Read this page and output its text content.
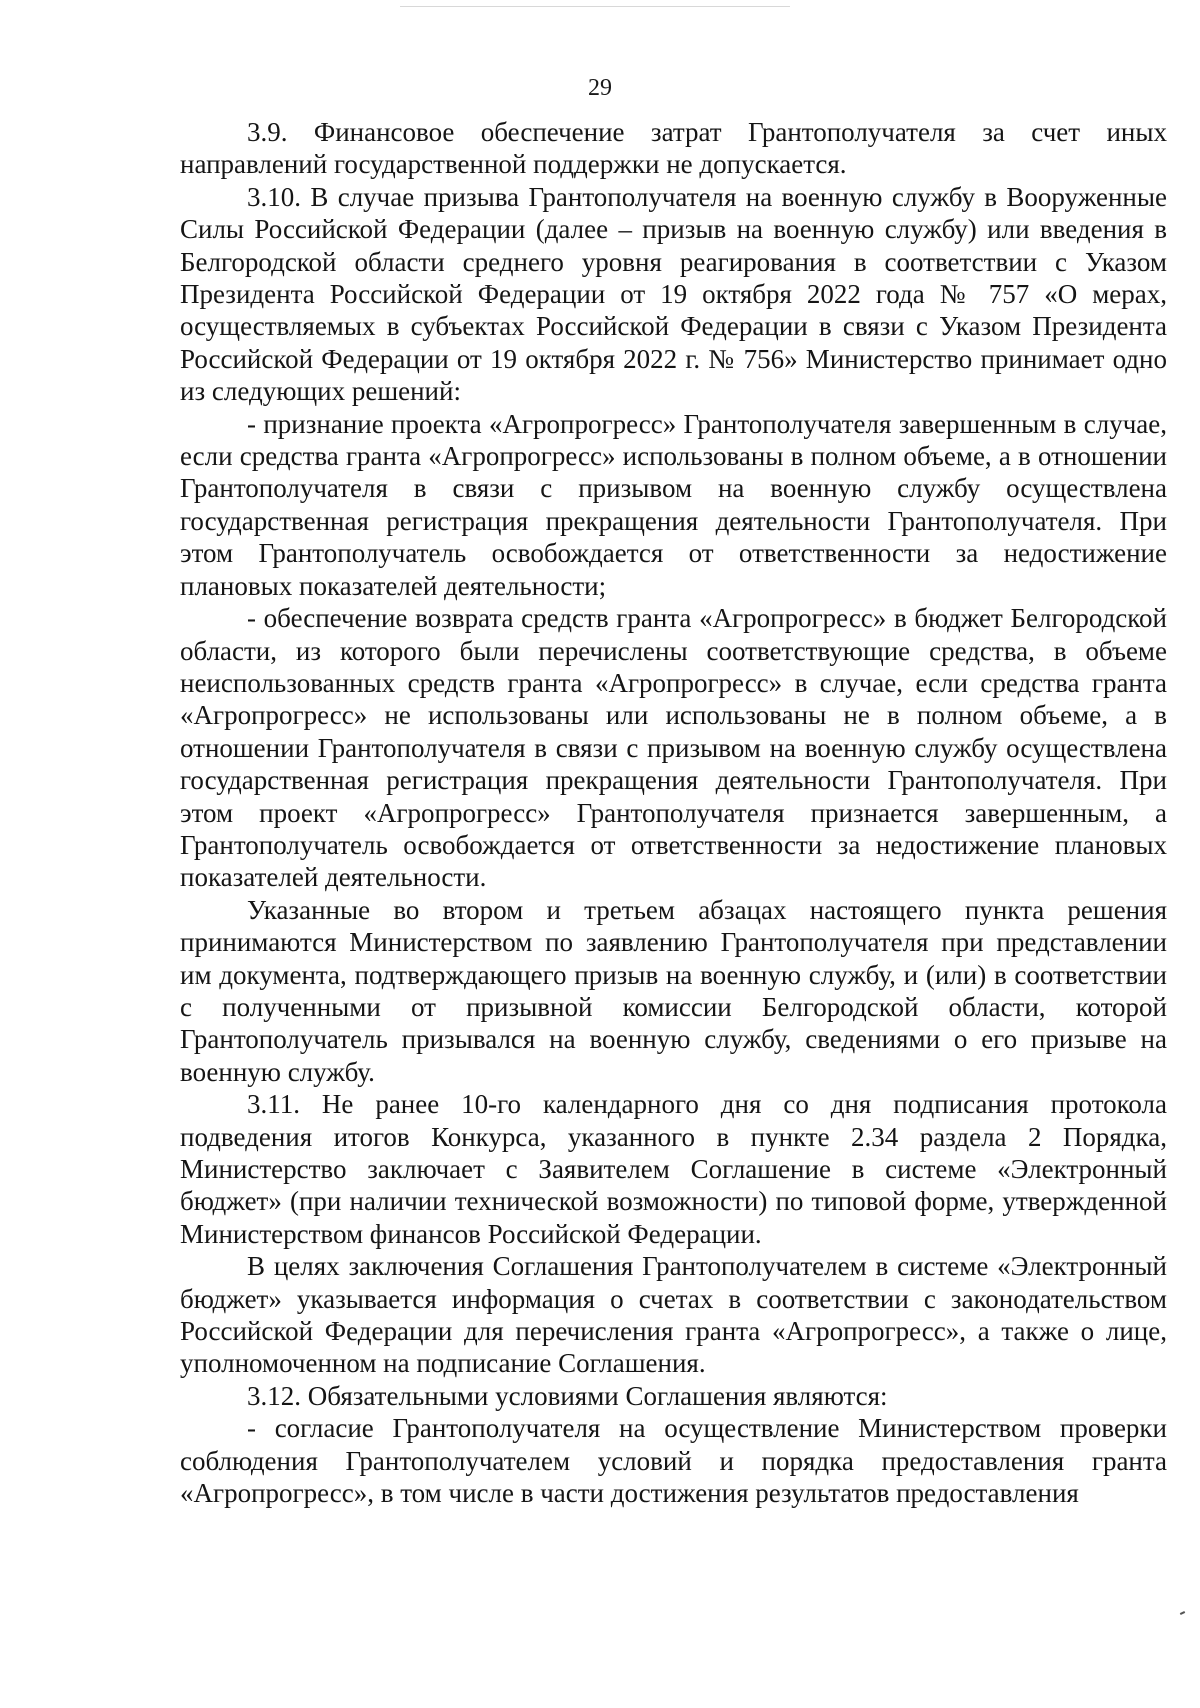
29

3.9. Финансовое обеспечение затрат Грантополучателя за счет иных направлений государственной поддержки не допускается.

3.10. В случае призыва Грантополучателя на военную службу в Вооруженные Силы Российской Федерации (далее – призыв на военную службу) или введения в Белгородской области среднего уровня реагирования в соответствии с Указом Президента Российской Федерации от 19 октября 2022 года № 757 «О мерах, осуществляемых в субъектах Российской Федерации в связи с Указом Президента Российской Федерации от 19 октября 2022 г. № 756» Министерство принимает одно из следующих решений:

- признание проекта «Агропрогресс» Грантополучателя завершенным в случае, если средства гранта «Агропрогресс» использованы в полном объеме, а в отношении Грантополучателя в связи с призывом на военную службу осуществлена государственная регистрация прекращения деятельности Грантополучателя. При этом Грантополучатель освобождается от ответственности за недостижение плановых показателей деятельности;

- обеспечение возврата средств гранта «Агропрогресс» в бюджет Белгородской области, из которого были перечислены соответствующие средства, в объеме неиспользованных средств гранта «Агропрогресс» в случае, если средства гранта «Агропрогресс» не использованы или использованы не в полном объеме, а в отношении Грантополучателя в связи с призывом на военную службу осуществлена государственная регистрация прекращения деятельности Грантополучателя. При этом проект «Агропрогресс» Грантополучателя признается завершенным, а Грантополучатель освобождается от ответственности за недостижение плановых показателей деятельности.

Указанные во втором и третьем абзацах настоящего пункта решения принимаются Министерством по заявлению Грантополучателя при представлении им документа, подтверждающего призыв на военную службу, и (или) в соответствии с полученными от призывной комиссии Белгородской области, которой Грантополучатель призывался на военную службу, сведениями о его призыве на военную службу.

3.11. Не ранее 10-го календарного дня со дня подписания протокола подведения итогов Конкурса, указанного в пункте 2.34 раздела 2 Порядка, Министерство заключает с Заявителем Соглашение в системе «Электронный бюджет» (при наличии технической возможности) по типовой форме, утвержденной Министерством финансов Российской Федерации.

В целях заключения Соглашения Грантополучателем в системе «Электронный бюджет» указывается информация о счетах в соответствии с законодательством Российской Федерации для перечисления гранта «Агропрогресс», а также о лице, уполномоченном на подписание Соглашения.

3.12. Обязательными условиями Соглашения являются:

- согласие Грантополучателя на осуществление Министерством проверки соблюдения Грантополучателем условий и порядка предоставления гранта «Агропрогресс», в том числе в части достижения результатов предоставления
